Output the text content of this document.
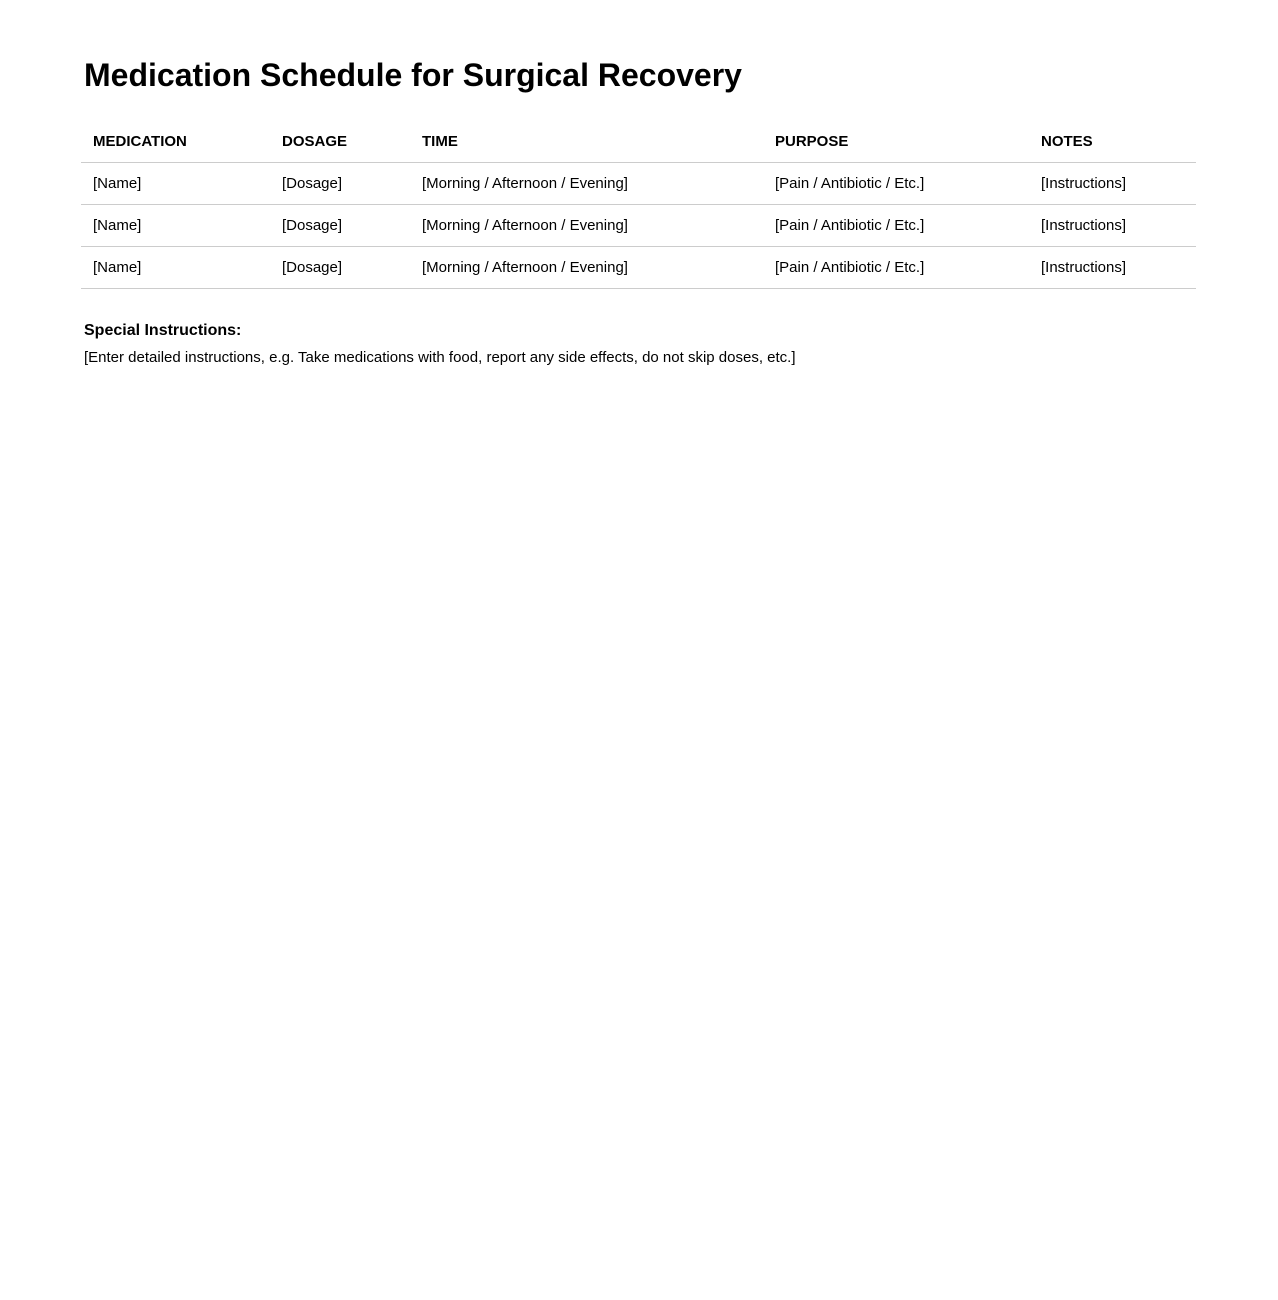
Medication Schedule for Surgical Recovery
MEDICATION	DOSAGE	TIME	PURPOSE	NOTES
[Name]	[Dosage]	[Morning / Afternoon / Evening]	[Pain / Antibiotic / Etc.]	[Instructions]
[Name]	[Dosage]	[Morning / Afternoon / Evening]	[Pain / Antibiotic / Etc.]	[Instructions]
[Name]	[Dosage]	[Morning / Afternoon / Evening]	[Pain / Antibiotic / Etc.]	[Instructions]
Special Instructions:
[Enter detailed instructions, e.g. Take medications with food, report any side effects, do not skip doses, etc.]
